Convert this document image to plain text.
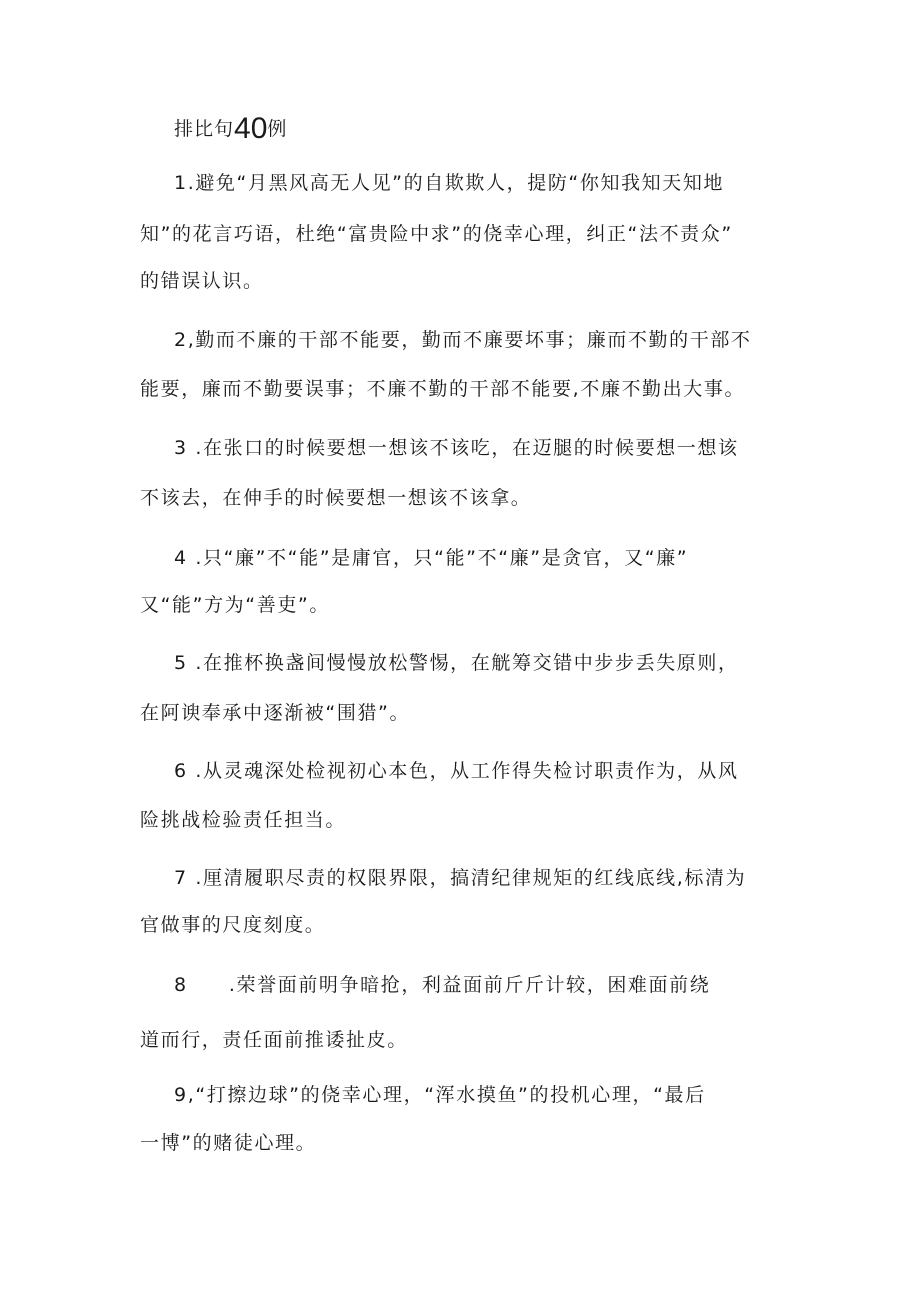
排比句40例
1.避免“月黑风高无人见”的自欺欺人，提防“你知我知天知地
知”的花言巧语，杜绝“富贵险中求”的侥幸心理，纠正“法不责众”
的错误认识。
2,勤而不廉的干部不能要，勤而不廉要坏事；廉而不勤的干部不
能要，廉而不勤要误事；不廉不勤的干部不能要,不廉不勤出大事。
3 .在张口的时候要想一想该不该吃，在迈腿的时候要想一想该
不该去，在伸手的时候要想一想该不该拿。
4 .只“廉”不“能”是庸官，只“能”不“廉”是贪官，又“廉”
又“能”方为“善吏”。
5 .在推杯换盏间慢慢放松警惕，在觥筹交错中步步丢失原则，
在阿谀奉承中逐渐被“围猎”。
6 .从灵魂深处检视初心本色，从工作得失检讨职责作为，从风
险挑战检验责任担当。
7 .厘清履职尽责的权限界限，搞清纪律规矩的红线底线,标清为
官做事的尺度刻度。
8　　.荣誉面前明争暗抢，利益面前斤斤计较，困难面前绕
道而行，责任面前推诿扯皮。
9,“打擦边球”的侥幸心理，“浑水摸鱼”的投机心理，“最后
一博”的赌徒心理。
